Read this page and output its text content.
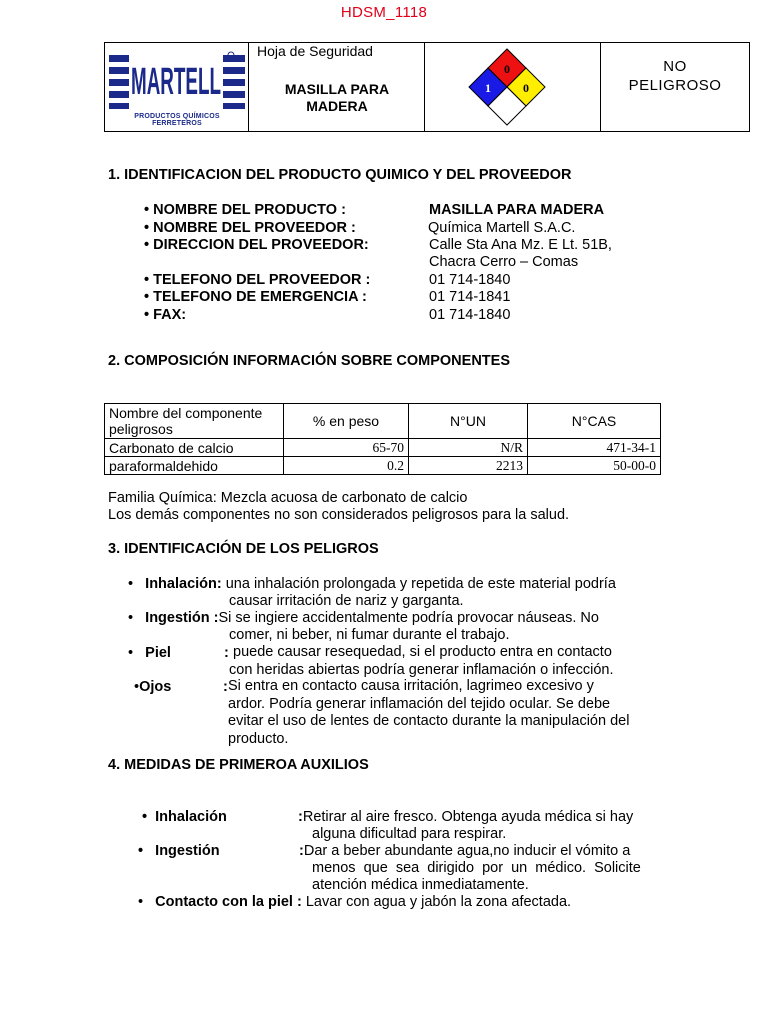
HDSM_1118
MARTELL
PRODUCTOS QUÍMICOS FERRETEROS
Hoja de Seguridad
MASILLA PARA
MADERA
0
1	0
NO
PELIGROSO
1. IDENTIFICACION DEL PRODUCTO QUIMICO Y DEL PROVEEDOR
• NOMBRE DEL PRODUCTO :	MASILLA PARA MADERA
• NOMBRE DEL PROVEEDOR :	Química Martell S.A.C.
• DIRECCION DEL PROVEEDOR:	Calle Sta Ana Mz. E Lt. 51B,
Chacra Cerro – Comas
• TELEFONO DEL PROVEEDOR :	01 714-1840
• TELEFONO DE EMERGENCIA :	01 714-1841
• FAX:	01 714-1840
2. COMPOSICIÓN INFORMACIÓN SOBRE COMPONENTES
Nombre del componente peligrosos	% en peso	N°UN	N°CAS
Carbonato de calcio	65-70	N/R	471-34-1
paraformaldehido	0.2	2213	50-00-0
Familia Química: Mezcla acuosa de carbonato de calcio
Los demás componentes no son considerados peligrosos para la salud.
3. IDENTIFICACIÓN DE LOS PELIGROS
•   Inhalación: una inhalación prolongada y repetida de este material podría
causar irritación de nariz y garganta.
•   Ingestión :Si se ingiere accidentalmente podría provocar náuseas. No
comer, ni beber, ni fumar durante el trabajo.
•   Piel	: puede causar resequedad, si el producto entra en contacto
con heridas abiertas podría generar inflamación o infección.
•Ojos	: Si entra en contacto causa irritación, lagrimeo excesivo y
ardor. Podría generar inflamación del tejido ocular. Se debe
evitar el uso de lentes de contacto durante la manipulación del
producto.
4. MEDIDAS DE PRIMEROA AUXILIOS
•  Inhalación	:Retirar al aire fresco. Obtenga ayuda médica si hay
alguna dificultad para respirar.
•   Ingestión	:Dar a beber abundante agua,no inducir el vómito a
menos  que  sea  dirigido  por  un  médico.  Solicite
atención médica inmediatamente.
•   Contacto con la piel : Lavar con agua y jabón la zona afectada.
